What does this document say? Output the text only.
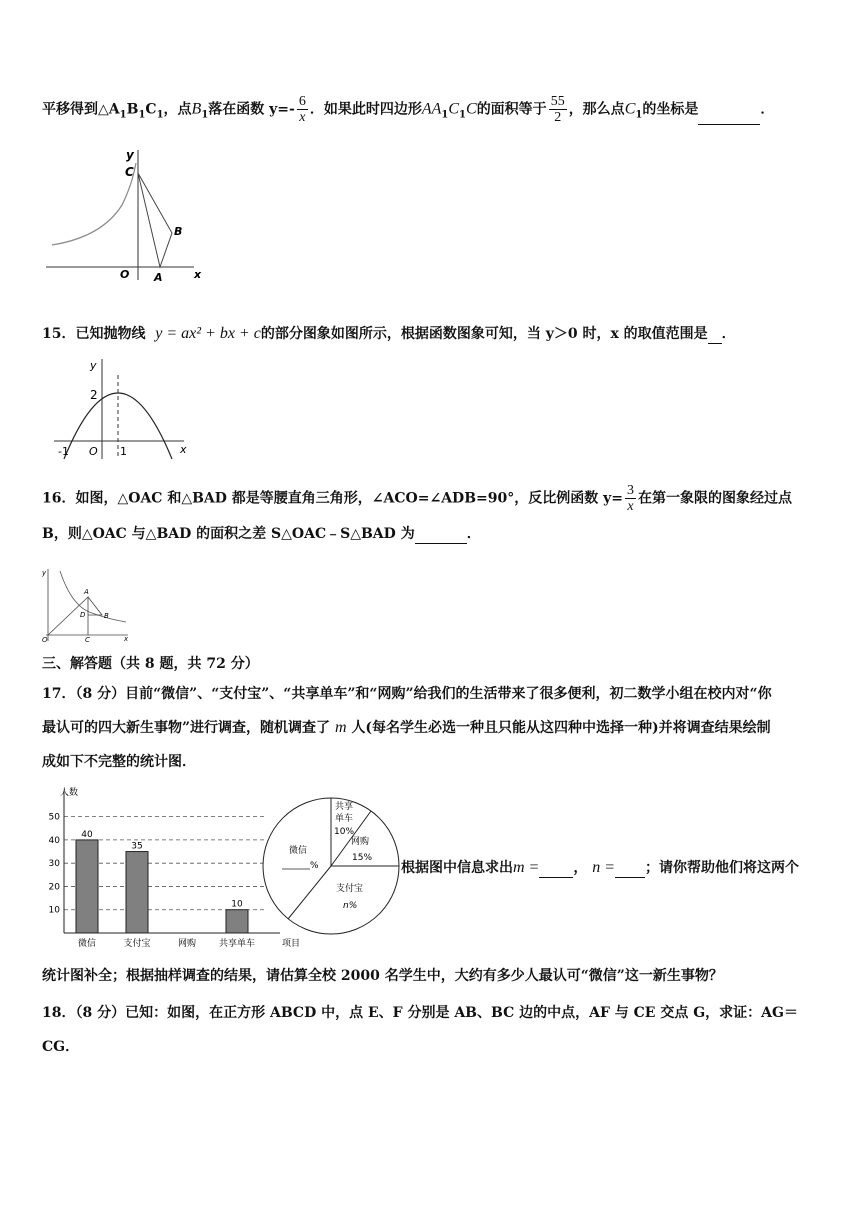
平移得到$\triangle A_1B_1C_1$，点$B_1$落在函数 $y=- \frac{6}{x}$ ．如果此时四边形$AA_1C_1C$的面积等于 $\frac{55}{2}$ ，那么点$C_1$的坐标是	．
y
C
B
O A	x
15．已知抛物线 y = ax² + bx + c的部分图象如图所示，根据函数图象可知，当 y＞0 时，x 的取值范围是 ．
y
2
-1 O 1	x
16．如图，△OAC 和△BAD 都是等腰直角三角形，∠ACO=∠ADB=90°，反比例函数 $y= \frac{3}{x}$ 在第一象限的图象经过点
B，则△OAC 与△BAD 的面积之差 S△OAC﹣S△BAD 为	．
y
A
D	B
O	C	x
三、解答题（共 8 题，共 72 分）
17．（8 分）目前“微信”、“支付宝”、“共享单车”和“网购”给我们的生活带来了很多便利，初二数学小组在校内对“你
最认可的四大新生事物”进行调查，随机调查了 m 人(每名学生必选一种且只能从这四种中选择一种)并将调查结果绘制
成如下不完整的统计图．
10
20
30
40
50
人数
项目
微信
40
支付宝
35
网购	共享单车
10
共享
单车
10%
网购
15%
微信
%
支付宝
n%
根据图中信息求出m = ， n = ；请你帮助他们将这两个
统计图补全；根据抽样调查的结果，请估算全校 2000 名学生中，大约有多少人最认可“微信”这一新生事物？
18．（8 分）已知：如图，在正方形 ABCD 中，点 E、F 分别是 AB、BC 边的中点，AF 与 CE 交点 G，求证：AG＝
CG．
